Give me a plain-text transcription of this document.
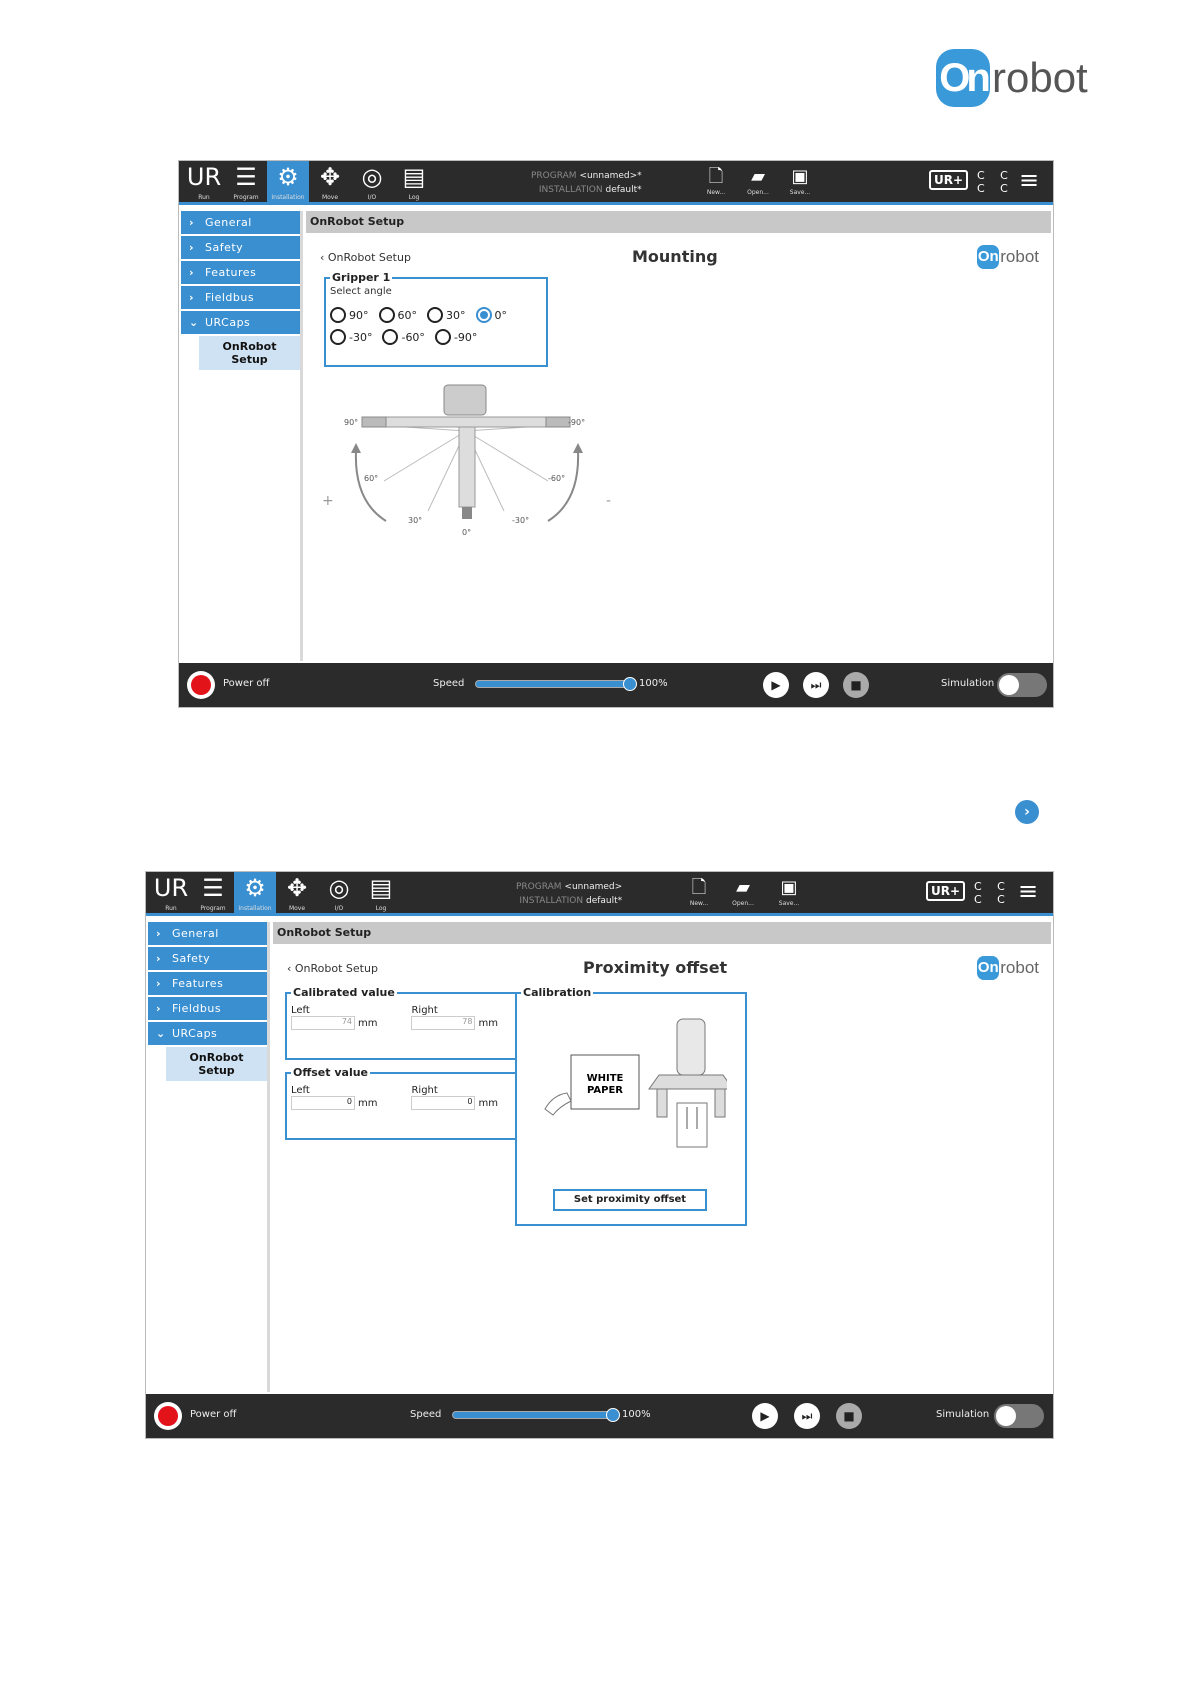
On robot
UR
Run
☰
Program
⚙
Installation
✥
Move
◎
I/O
▤
Log
PROGRAM <unnamed>*
INSTALLATION default*
🗋
New...
▰
Open...
▣
Save...
UR+	C C
C C ≡
› General
› Safety
› Features
› Fieldbus
⌄ URCaps
OnRobot
Setup
OnRobot Setup
‹ OnRobot Setup	Mounting	On robot
Gripper 1
Select angle
90°	60°	30°	0°
-30°	-60°	-90°
90°	-90°
60°	-60°
30°	-30°
0°
+	-
Power off	Speed	100%	▶	⏭	■	Simulation
›
UR
Run
☰
Program
⚙
Installation
✥
Move
◎
I/O
▤
Log
PROGRAM <unnamed>
INSTALLATION default*
🗋
New...
▰
Open...
▣
Save...
UR+	C C
C C ≡
› General
› Safety
› Features
› Fieldbus
⌄ URCaps
OnRobot
Setup
OnRobot Setup
‹ OnRobot Setup	Proximity offset	On robot
Calibrated value
Left
74 mm
Right
78 mm
Offset value
Left
0 mm
Right
0 mm
Calibration
WHITE
PAPER
Set proximity offset
Power off	Speed	100%	▶	⏭	■	Simulation
